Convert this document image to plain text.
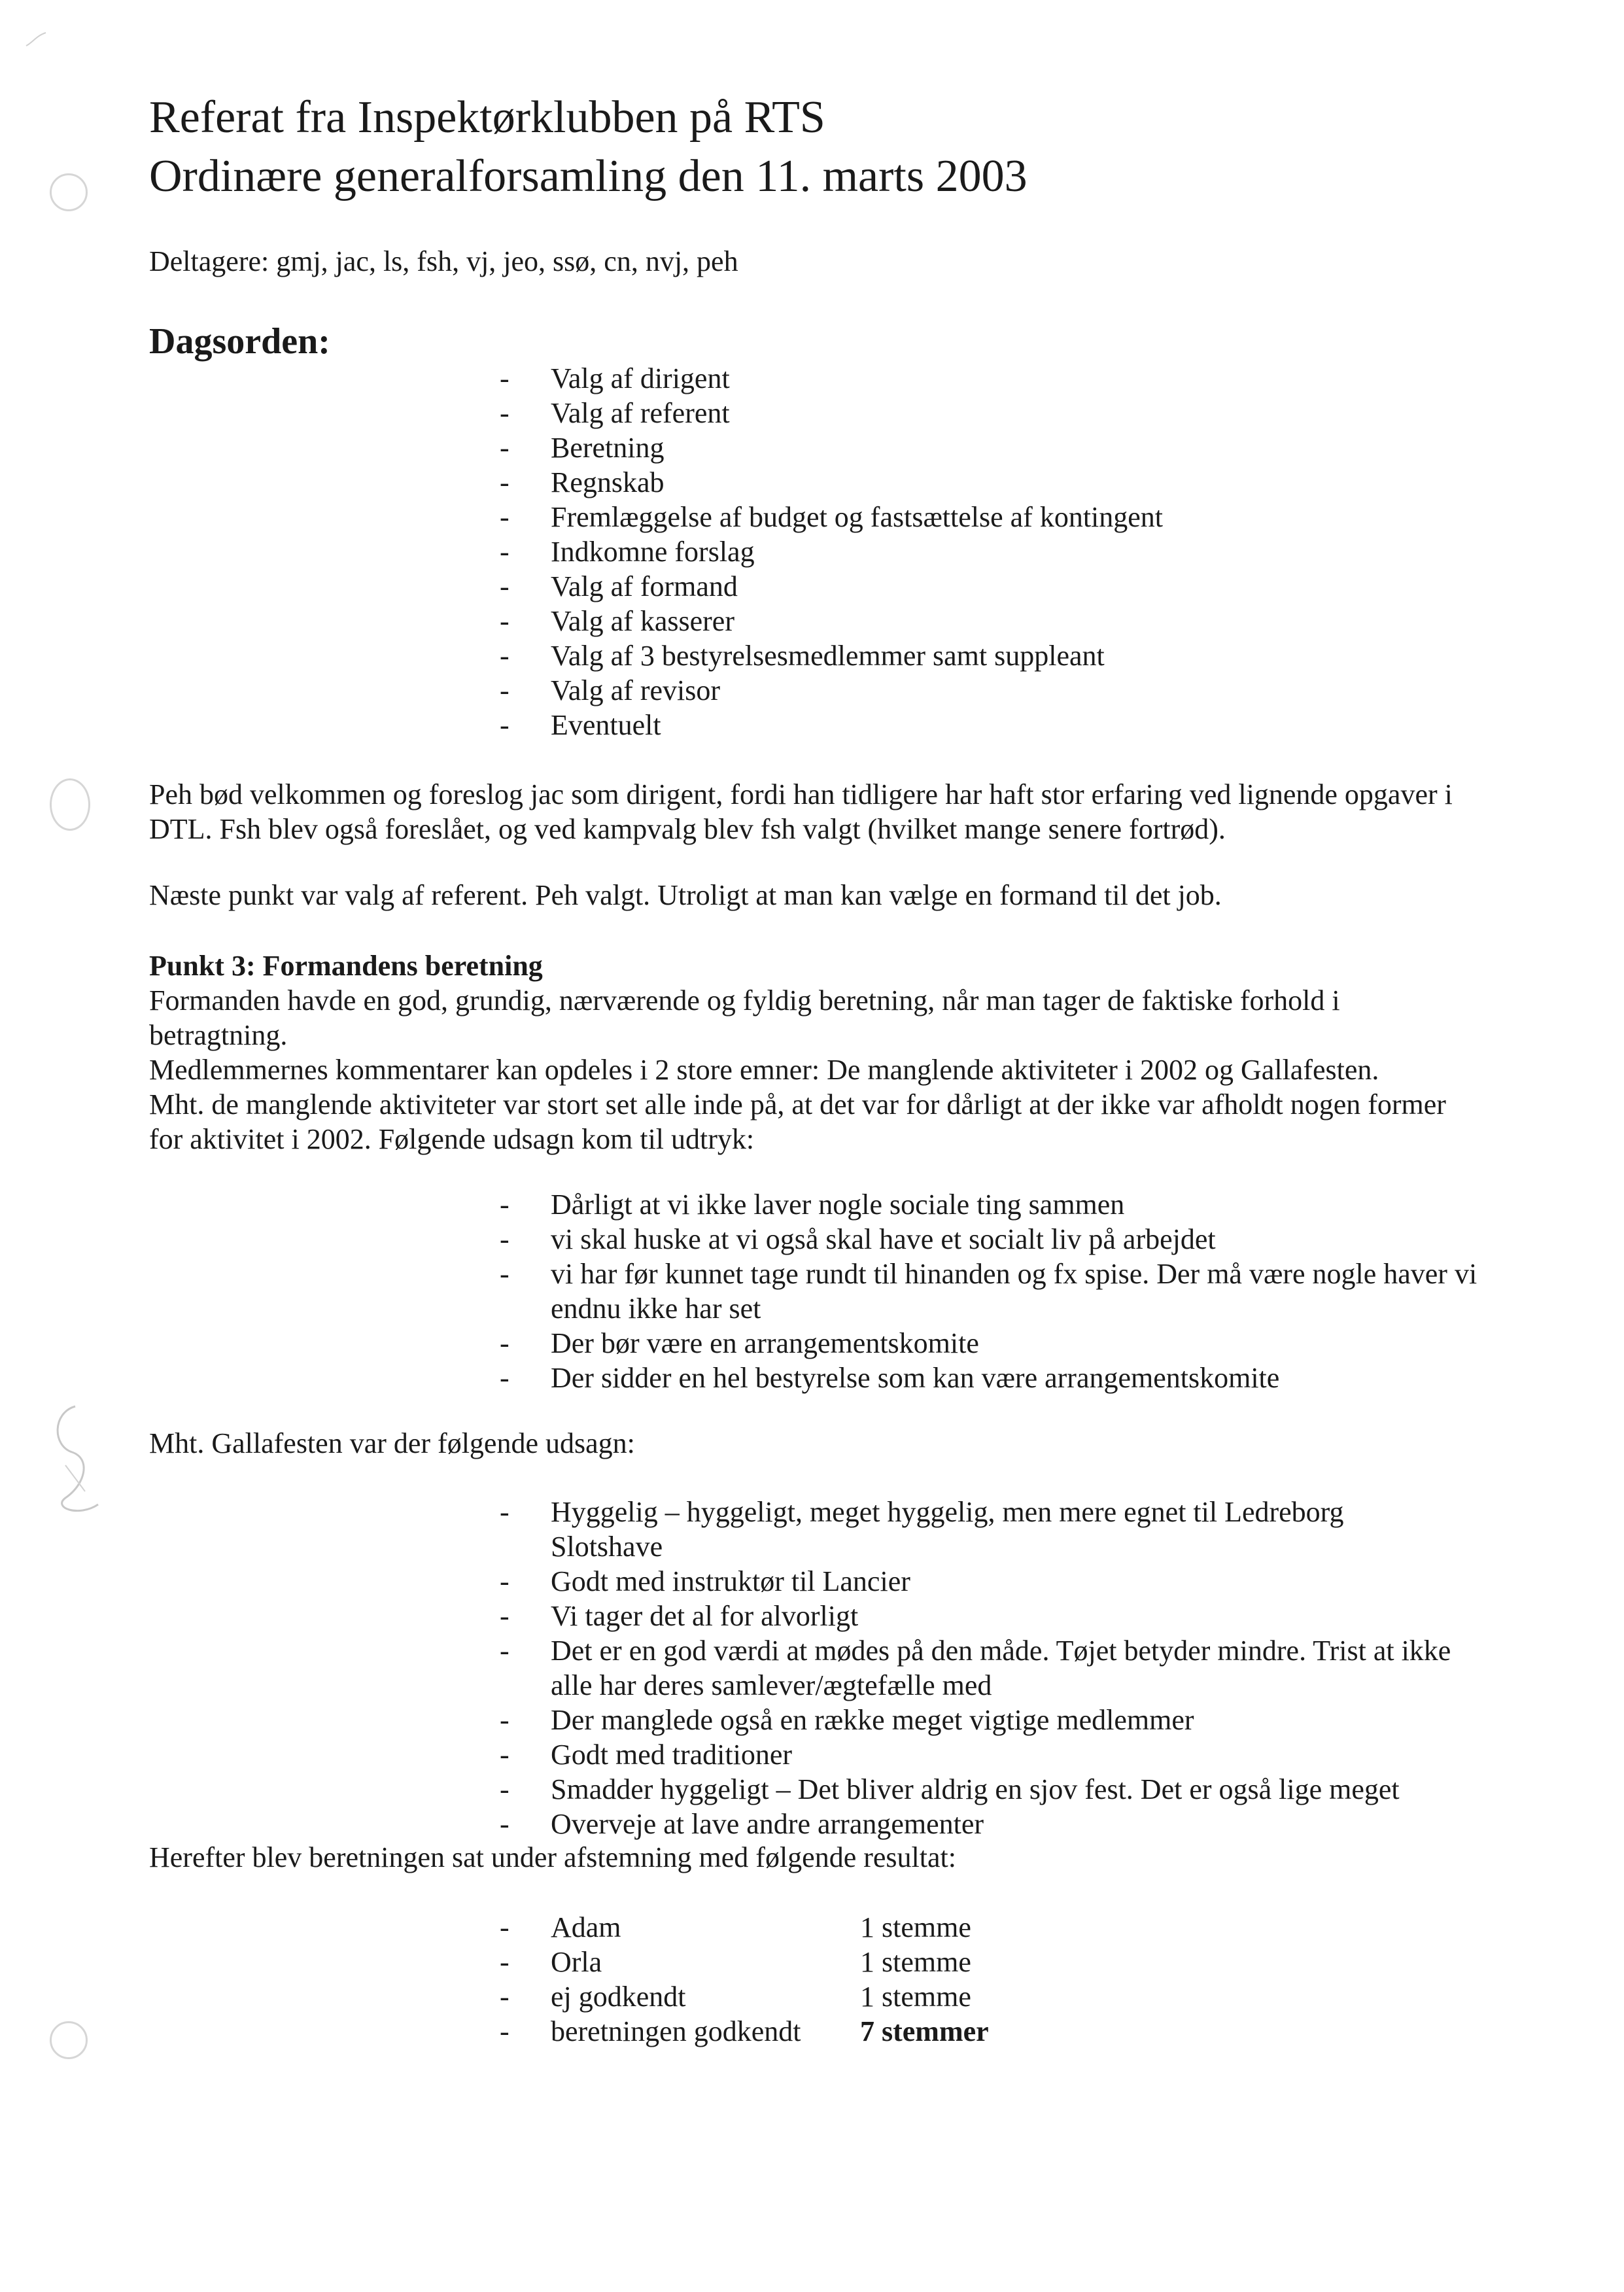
Referat fra Inspektørklubben på RTS
Ordinære generalforsamling den 11. marts 2003
Deltagere: gmj, jac, ls, fsh, vj, jeo, ssø, cn, nvj, peh
Dagsorden:
- Valg af dirigent
- Valg af referent
- Beretning
- Regnskab
- Fremlæggelse af budget og fastsættelse af kontingent
- Indkomne forslag
- Valg af formand
- Valg af kasserer
- Valg af 3 bestyrelsesmedlemmer samt suppleant
- Valg af revisor
- Eventuelt

Peh bød velkommen og foreslog jac som dirigent, fordi han tidligere har haft stor erfaring ved lignende opgaver i DTL. Fsh blev også foreslået, og ved kampvalg blev fsh valgt (hvilket mange senere fortrød).

Næste punkt var valg af referent. Peh valgt. Utroligt at man kan vælge en formand til det job.

Punkt 3: Formandens beretning

Formanden havde en god, grundig, nærværende og fyldig beretning, når man tager de faktiske forhold i betragtning.

Medlemmernes kommentarer kan opdeles i 2 store emner: De manglende aktiviteter i 2002 og Gallafesten.

Mht. de manglende aktiviteter var stort set alle inde på, at det var for dårligt at der ikke var afholdt nogen former for aktivitet i 2002. Følgende udsagn kom til udtryk:

- Dårligt at vi ikke laver nogle sociale ting sammen
- vi skal huske at vi også skal have et socialt liv på arbejdet
- vi har før kunnet tage rundt til hinanden og fx spise. Der må være nogle haver vi endnu ikke har set
- Der bør være en arrangementskomite
- Der sidder en hel bestyrelse som kan være arrangementskomite

Mht. Gallafesten var der følgende udsagn:

- Hyggelig – hyggeligt, meget hyggelig, men mere egnet til Ledreborg Slotshave
- Godt med instruktør til Lancier
- Vi tager det al for alvorligt
- Det er en god værdi at mødes på den måde. Tøjet betyder mindre. Trist at ikke alle har deres samlever/ægtefælle med
- Der manglede også en række meget vigtige medlemmer
- Godt med traditioner
- Smadder hyggeligt – Det bliver aldrig en sjov fest. Det er også lige meget
- Overveje at lave andre arrangementer

Herefter blev beretningen sat under afstemning med følgende resultat:

- Adam	1 stemme
- Orla	1 stemme
- ej godkendt	1 stemme
- beretningen godkendt 7 stemmer
